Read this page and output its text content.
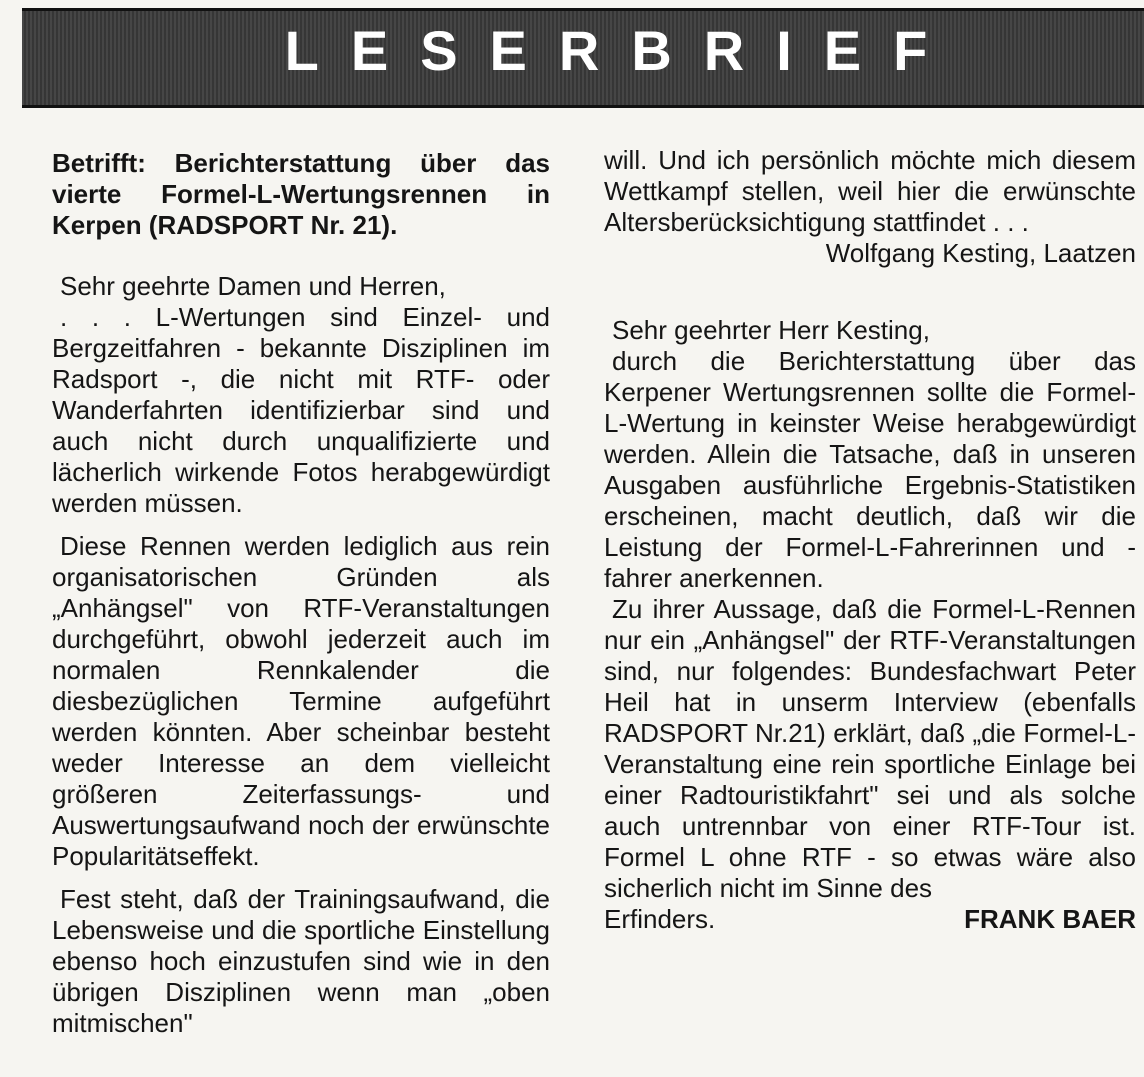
LESERBRIEF

Betrifft: Berichterstattung über das vierte Formel-L-Wertungsrennen in Kerpen (RADSPORT Nr. 21).

Sehr geehrte Damen und Herren,

. . . L-Wertungen sind Einzel- und Bergzeitfahren - bekannte Disziplinen im Radsport -, die nicht mit RTF- oder Wanderfahrten identifizierbar sind und auch nicht durch unqualifizierte und lächerlich wirkende Fotos herabgewürdigt werden müssen.

Diese Rennen werden lediglich aus rein organisatorischen Gründen als „Anhängsel" von RTF-Veranstaltungen durchgeführt, obwohl jederzeit auch im normalen Rennkalender die diesbezüglichen Termine aufgeführt werden könnten. Aber scheinbar besteht weder Interesse an dem vielleicht größeren Zeiterfassungs- und Auswertungsaufwand noch der erwünschte Popularitätseffekt.

Fest steht, daß der Trainingsaufwand, die Lebensweise und die sportliche Einstellung ebenso hoch einzustufen sind wie in den übrigen Disziplinen wenn man „oben mitmischen"

will. Und ich persönlich möchte mich diesem Wettkampf stellen, weil hier die erwünschte Altersberücksichtigung stattfindet . . .

Wolfgang Kesting, Laatzen

Sehr geehrter Herr Kesting,

durch die Berichterstattung über das Kerpener Wertungsrennen sollte die Formel-L-Wertung in keinster Weise herabgewürdigt werden. Allein die Tatsache, daß in unseren Ausgaben ausführliche Ergebnis-Statistiken erscheinen, macht deutlich, daß wir die Leistung der Formel-L-Fahrerinnen und -fahrer anerkennen.

Zu ihrer Aussage, daß die Formel-L-Rennen nur ein „Anhängsel" der RTF-Veranstaltungen sind, nur folgendes: Bundesfachwart Peter Heil hat in unserm Interview (ebenfalls RADSPORT Nr.21) erklärt, daß „die Formel-L-Veranstaltung eine rein sportliche Einlage bei einer Radtouristikfahrt" sei und als solche auch untrennbar von einer RTF-Tour ist. Formel L ohne RTF - so etwas wäre also sicherlich nicht im Sinne des

Erfinders.	FRANK BAER
